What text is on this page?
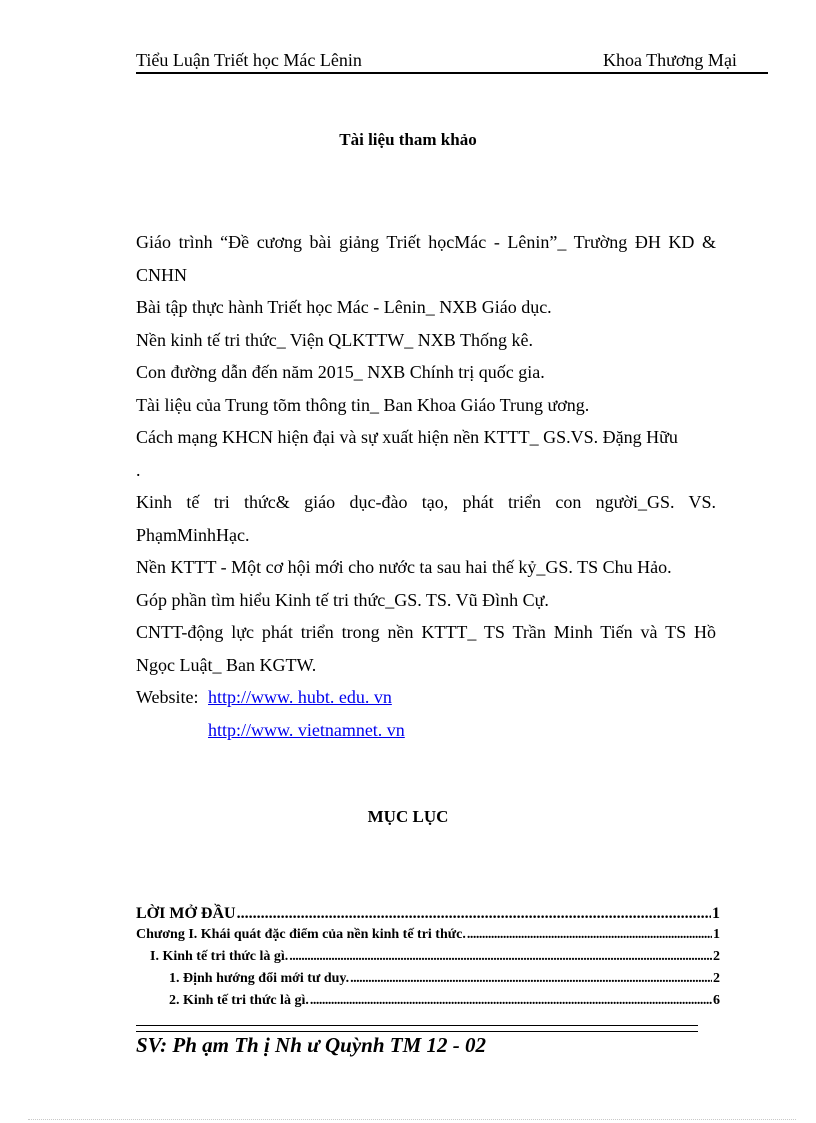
Tiểu Luận Triết học Mác Lênin	Khoa Thương Mại
Tài liệu tham khảo

Giáo trình “Đề cương bài giảng Triết họcMác - Lênin”_ Trường ĐH KD &

CNHN

Bài tập thực hành Triết học Mác - Lênin_ NXB Giáo dục.

Nền kinh tế tri thức_ Viện QLKTTW_ NXB Thống kê.

Con đường dẫn đến năm 2015_ NXB Chính trị quốc gia.

Tài liệu của Trung tõm thông tin_ Ban Khoa Giáo Trung ương.

Cách mạng KHCN hiện đại và sự xuất hiện nền KTTT_ GS.VS. Đặng Hữu

.

Kinh tế tri thức& giáo dục-đào tạo, phát triển con người_GS. VS.

PhạmMinhHạc.

Nền KTTT - Một cơ hội mới cho nước ta sau hai thế kỷ_GS. TS Chu Hảo.

Góp phần tìm hiểu Kinh tế tri thức_GS. TS. Vũ Đình Cự.

CNTT-động lực phát triển trong nền KTTT_ TS Trần Minh Tiến và TS Hồ

Ngọc Luật_ Ban KGTW.

Website: http://www. hubt. edu. vn
http://www. vietnamnet. vn
MỤC LỤC
LỜI MỞ ĐẦU . . .	1
Chương I. Khái quát đặc điểm của nền kinh tế tri thức. . . .	1
I. Kinh tế tri thức là gì. . . .	2
1. Định hướng đổi mới tư duy. . . .	2
2. Kinh tế tri thức là gì. . . .	6
SV: Ph ạm Th ị Nh ư Quỳnh TM 12 - 02
